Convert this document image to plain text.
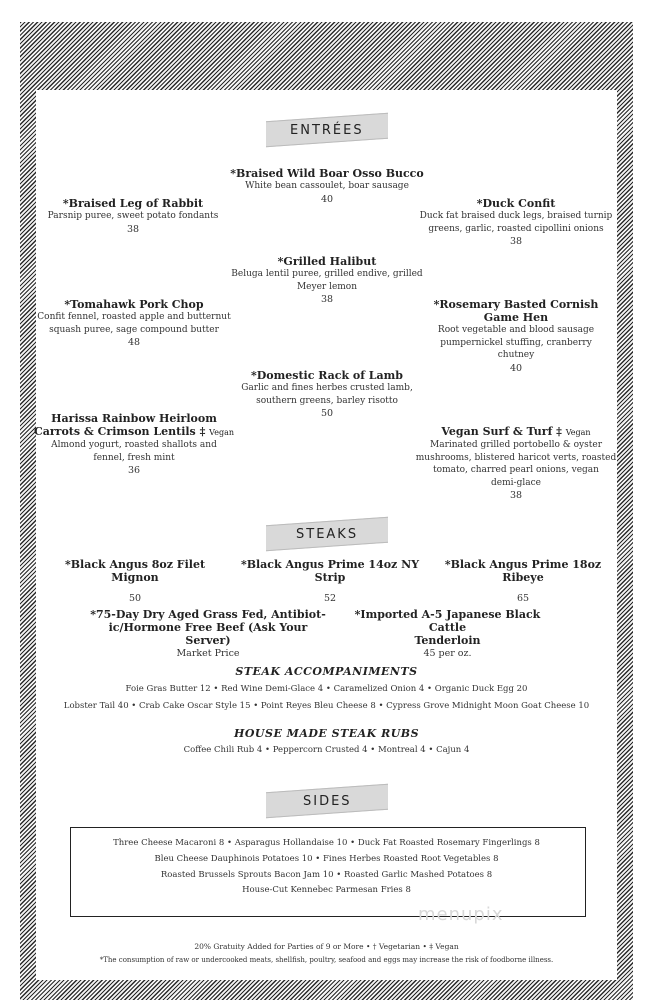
ENTRÉES
STEAKS
SIDES
*Braised Wild Boar Osso Bucco
White bean cassoulet, boar sausage
40
*Braised Leg of Rabbit
Parsnip puree, sweet potato fondants
38
*Duck Confit
Duck fat braised duck legs, braised turnip
greens, garlic, roasted cipollini onions
38
*Grilled Halibut
Beluga lentil puree, grilled endive, grilled
Meyer lemon
38
*Tomahawk Pork Chop
Confit fennel, roasted apple and butternut
squash puree, sage compound butter
48
*Rosemary Basted Cornish
Game Hen
Root vegetable and blood sausage
pumpernickel stuffing, cranberry
chutney
40
*Domestic Rack of Lamb
Garlic and fines herbes crusted lamb,
southern greens, barley risotto
50
Harissa Rainbow Heirloom
Carrots & Crimson Lentils ‡ Vegan
Almond yogurt, roasted shallots and
fennel, fresh mint
36
Vegan Surf & Turf ‡ Vegan
Marinated grilled portobello & oyster
mushrooms, blistered haricot verts, roasted
tomato, charred pearl onions, vegan
demi-glace
38
*Black Angus 8oz Filet Mignon
50
*Black Angus Prime 14oz NY Strip
52
*Black Angus Prime 18oz Ribeye
65
*75-Day Dry Aged Grass Fed, Antibiot-
ic/Hormone Free Beef (Ask Your Server)
Market Price
*Imported A-5 Japanese Black Cattle
Tenderloin
45 per oz.
STEAK ACCOMPANIMENTS
Foie Gras Butter 12 • Red Wine Demi-Glace 4 • Caramelized Onion 4 • Organic Duck Egg 20
Lobster Tail 40 • Crab Cake Oscar Style 15 • Point Reyes Bleu Cheese 8 • Cypress Grove Midnight Moon Goat Cheese 10
HOUSE MADE STEAK RUBS
Coffee Chili Rub 4 • Peppercorn Crusted 4 • Montreal 4 • Cajun 4
Three Cheese Macaroni 8 • Asparagus Hollandaise 10 • Duck Fat Roasted Rosemary Fingerlings 8
Bleu Cheese Dauphinois Potatoes 10 • Fines Herbes Roasted Root Vegetables 8
Roasted Brussels Sprouts Bacon Jam 10 • Roasted Garlic Mashed Potatoes 8
House-Cut Kennebec Parmesan Fries 8
menupix
20% Gratuity Added for Parties of 9 or More • † Vegetarian • ‡ Vegan
*The consumption of raw or undercooked meats, shellfish, poultry, seafood and eggs may increase the risk of foodborne illness.
